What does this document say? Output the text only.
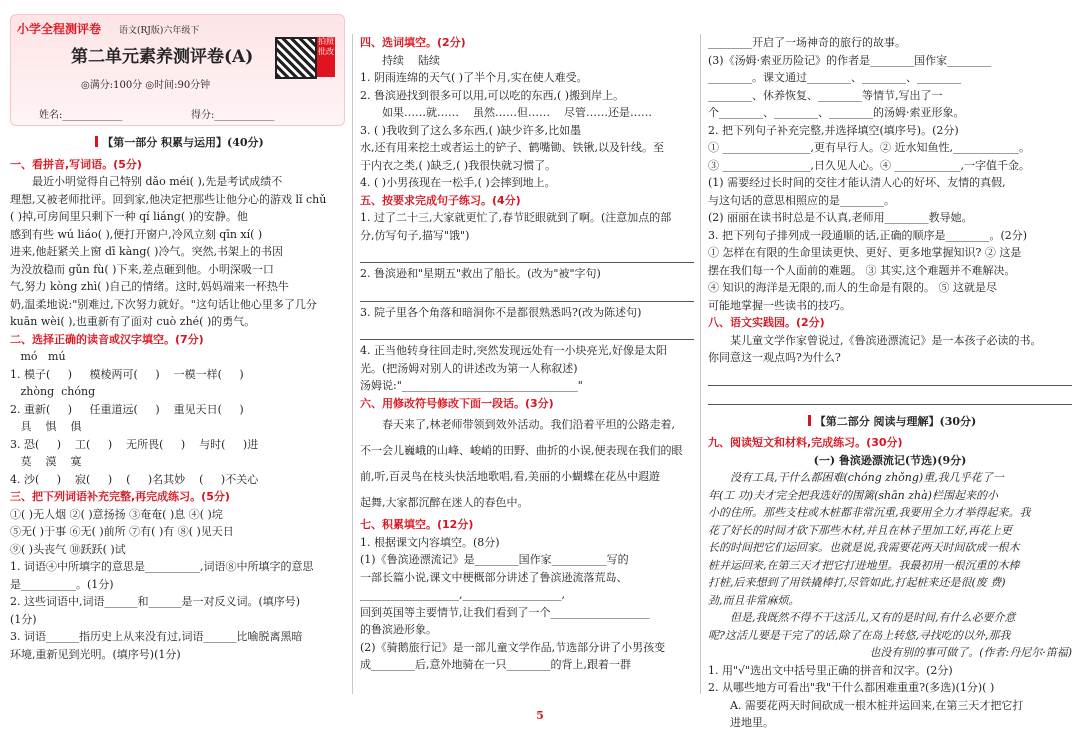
小学全程测评卷 语文(RJ版)六年级下
第二单元素养测评卷(A)
◎满分:100分 ◎时间:90分钟
拍照批改
姓名:____________	得分:____________
【第一部分 积累与运用】(40分)

一、看拼音,写词语。(5分)

最近小明觉得自己特别 dǎo méi( ),先是考试成绩不

理想,又被老师批评。回到家,他决定把那些让他分心的游戏 lǐ chǔ

( )掉,可房间里只剩下一种 qí liáng( )的安静。他

感到有些 wú liáo( ),便打开窗户,冷风立刻 qīn xí( )

进来,他赶紧关上窗 dī kàng( )冷气。突然,书架上的书因

为没放稳而 gǔn fù( )下来,差点砸到他。小明深吸一口

气,努力 kòng zhì( )自己的情绪。这时,妈妈端来一杯热牛

奶,温柔地说:"别难过,下次努力就好。"这句话让他心里多了几分

kuān wèi( ),也重新有了面对 cuò zhé( )的勇气。

二、选择正确的读音或汉字填空。(7分)

mó   mú

1. 模子(     )     模棱两可(     )    一模一样(     )

zhòng  chóng

2. 重新(     )     任重道远(     )    重见天日(     )

具    惧    俱

3. 恐(     )    工(     )    无所畏(     )    与时(     )进

莫    漠    寞

4. 沙(     )    寂(     )    (     )名其妙    (     )不关心

三、把下列词语补充完整,再完成练习。(5分)

①( )无人烟 ②( )意扬扬 ③奄奄( )息 ④( )垸

⑤无( )于事 ⑥无( )前所 ⑦有( )有 ⑧( )见天日

⑨( )头丧气 ⑩跃跃( )试

1. 词语④中所填字的意思是__________,词语⑧中所填字的意思

是__________。(1分)

2. 这些词语中,词语______和______是一对反义词。(填序号)

(1分)

3. 词语______指历史上从来没有过,词语______比喻脱离黑暗

环境,重新见到光明。(填序号)(1分)

四、选词填空。(2分)

持续    陆续

1. 阴雨连绵的天气( )了半个月,实在使人难受。

2. 鲁滨逊找到很多可以用,可以吃的东西,( )搬到岸上。

如果……就……    虽然……但……    尽管……还是……

3. ( )我收到了这么多东西,( )缺少许多,比如墨

水,还有用来挖土或者运土的铲子、鹤嘴锄、铁锹,以及针线。至

于内衣之类,( )缺乏,( )我很快就习惯了。

4. ( )小男孩现在一松手,( )会摔到地上。

五、按要求完成句子练习。(4分)

1. 过了二十三,大家就更忙了,春节眨眼就到了啊。(注意加点的部

分,仿写句子,描写"饿")

2. 鲁滨逊和"星期五"救出了船长。(改为"被"字句)

3. 院子里各个角落和暗洞你不是都很熟悉吗?(改为陈述句)

4. 正当他转身往回走时,突然发现远处有一小块亮光,好像是太阳

光。(把汤姆对别人的讲述改为第一人称叙述)

汤姆说:"________________________________"

六、用修改符号修改下面一段话。(3分)

春天来了,林老师带领到效外活动。我们沿着平坦的公路走着,

不一会儿巍峨的山峰、峻峭的田野、曲折的小误,便表现在我们的眼

前,听,百灵鸟在枝头快活地歌唱,看,美丽的小蝴蝶在花丛中遐遊

起舞,大家都沉醉在迷人的春色中。

七、积累填空。(12分)

1. 根据课文内容填空。(8分)

(1)《鲁滨逊漂流记》是________国作家__________写的

一部长篇小说,课文中梗概部分讲述了鲁滨逊流落荒岛、

__________________,__________________,

回到英国等主要情节,让我们看到了一个__________________

的鲁滨逊形象。

(2)《骑鹅旅行记》是一部儿童文学作品,节选部分讲了小男孩变

成________后,意外地骑在一只________的背上,跟着一群

________开启了一场神奇的旅行的故事。

(3)《汤姆·索亚历险记》的作者是________国作家________

________。课文通过________、________、________

________、休养恢复、________等情节,写出了一

个________、________、________的汤姆·索亚形象。

2. 把下列句子补充完整,并选择填空(填序号)。(2分)

① ________________,更有早行人。② 近水知鱼性,____________。

③ ________________,日久见人心。④ ____________,一字值千金。

(1) 需要经过长时间的交往才能认清人心的好坏、友情的真假,

与这句话的意思相照应的是________。

(2) 丽丽在读书时总是不认真,老师用________教导她。

3. 把下列句子排列成一段通顺的话,正确的顺序是________。(2分)

① 怎样在有限的生命里读更快、更好、更多地掌握知识? ② 这是

摆在我们每一个人面前的难题。 ③ 其实,这个难题并不难解决。

④ 知识的海洋是无限的,而人的生命是有限的。 ⑤ 这就是尽

可能地掌握一些读书的技巧。

八、语文实践园。(2分)

某儿童文学作家曾说过,《鲁滨逊漂流记》是一本孩子必读的书。

你同意这一观点吗?为什么?

【第二部分 阅读与理解】(30分)

九、阅读短文和材料,完成练习。(30分)

(一) 鲁滨逊漂流记(节选)(9分)

没有工具,干什么都困难(chóng zhǒng)重,我几乎花了一

年(工 功)夫才完全把我选好的围篱(shān zhà)栏围起来的小

小的住所。那些支柱或木桩都非常沉重,我要用全力才举得起来。我

花了好长的时间才砍下那些木材,并且在林子里加工好,再花上更

长的时间把它们运回家。也就是说,我需要花两天时间砍成一根木

桩并运回来,在第三天才把它打进地里。我最初用一根沉重的木棒

打桩,后来想到了用铁撬棒打,尽管如此,打起桩来还是很(废 费)

劲,而且非常麻烦。

但是,我既然不得不干这活儿,又有的是时间,有什么必要介意

呢?这活儿要是干完了的话,除了在岛上转悠,寻找吃的以外,那我

也没有别的事可做了。(作者:丹尼尔·笛福)

1. 用"√"选出文中括号里正确的拼音和汉字。(2分)

2. 从哪些地方可看出"我"干什么都困难重重?(多选)(1分)( )

A. 需要花两天时间砍成一根木桩并运回来,在第三天才把它打

进地里。

5
